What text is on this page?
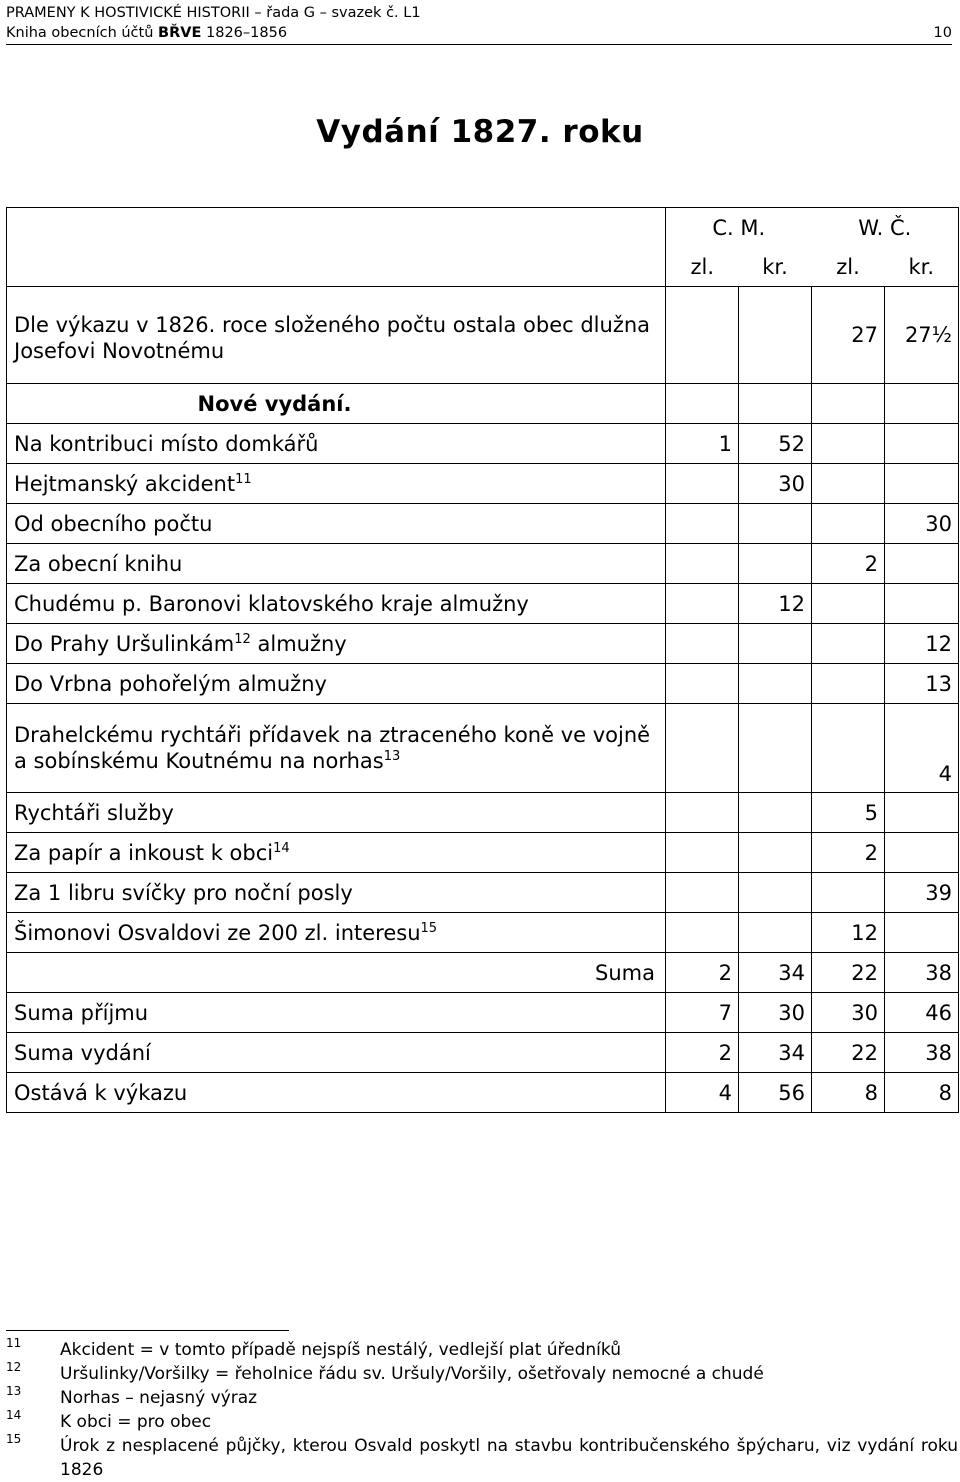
PRAMENY K HOSTIVICKÉ HISTORII – řada G – svazek č. L1
Kniha obecních účtů BŘVE 1826–1856	10
Vydání 1827. roku
	C. M.		W. Č.	
	zl.	kr.	zl.	kr.
Dle výkazu v 1826. roce složeného počtu ostala obec dlužna Josefovi Novotnému			27	27½
Nové vydání.				
Na kontribuci místo domkářů	1	52		
Hejtmanský akcident$^{11}$		30		
Od obecního počtu				30
Za obecní knihu			2	
Chudému p. Baronovi klatovského kraje almužny		12		
Do Prahy Uršulinkám$^{12}$ almužny				12
Do Vrbna pohořelým almužny				13
Drahelckému rychtáři přídavek na ztraceného koně ve vojně a sobínskému Koutnému na norhas$^{13}$				4
Rychtáři služby			5	
Za papír a inkoust k obci$^{14}$			2	
Za 1 libru svíčky pro noční posly				39
Šimonovi Osvaldovi ze 200 zl. interesu$^{15}$			12	
Suma	2	34	22	38
Suma příjmu	7	30	30	46
Suma vydání	2	34	22	38
Ostává k výkazu	4	56	8	8
11 Akcident = v tomto případě nejspíš nestálý, vedlejší plat úředníků
12 Uršulinky/Voršilky = řeholnice řádu sv. Uršuly/Voršily, ošetřovaly nemocné a chudé
13 Norhas – nejasný výraz
14 K obci = pro obec
15 Úrok z nesplacené půjčky, kterou Osvald poskytl na stavbu kontribučenského špýcharu, viz vydání roku 1826
